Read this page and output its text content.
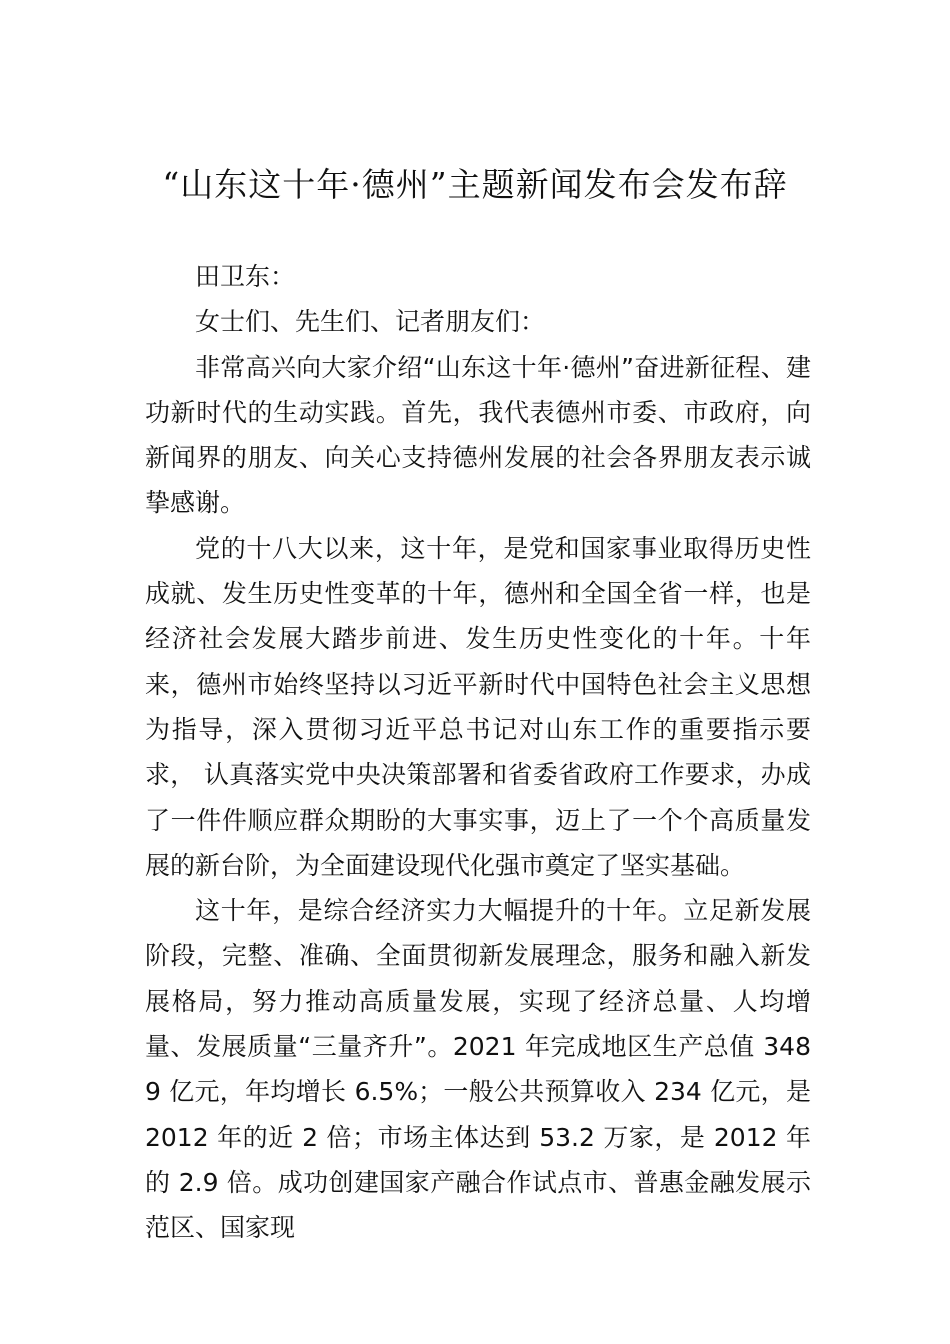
“山东这十年·德州”主题新闻发布会发布辞

田卫东：

女士们、先生们、记者朋友们：

非常高兴向大家介绍“山东这十年·德州”奋进新征程、建功新时代的生动实践。首先，我代表德州市委、市政府，向 新闻界的朋友、向关心支持德州发展的社会各界朋友表示诚挚感谢。

党的十八大以来，这十年，是党和国家事业取得历史性成就、发生历史性变革的十年，德州和全国全省一样，也是经济社会发展大踏步前进、发生历史性变化的十年。十年来，德州市始终坚持以习近平新时代中国特色社会主义思想为指导，深入贯彻习近平总书记对山东工作的重要指示要求， 认真落实党中央决策部署和省委省政府工作要求，办成了一件件顺应群众期盼的大事实事，迈上了一个个高质量发展的新台阶，为全面建设现代化强市奠定了坚实基础。

这十年，是综合经济实力大幅提升的十年。立足新发展阶段，完整、准确、全面贯彻新发展理念，服务和融入新发 展格局，努力推动高质量发展，实现了经济总量、人均增量、发展质量“三量齐升”。2021 年完成地区生产总值 3489 亿元，年均增长 6.5%；一般公共预算收入 234 亿元，是 2012 年的近 2 倍；市场主体达到 53.2 万家，是 2012 年的 2.9 倍。成功创建国家产融合作试点市、普惠金融发展示范区、国家现
